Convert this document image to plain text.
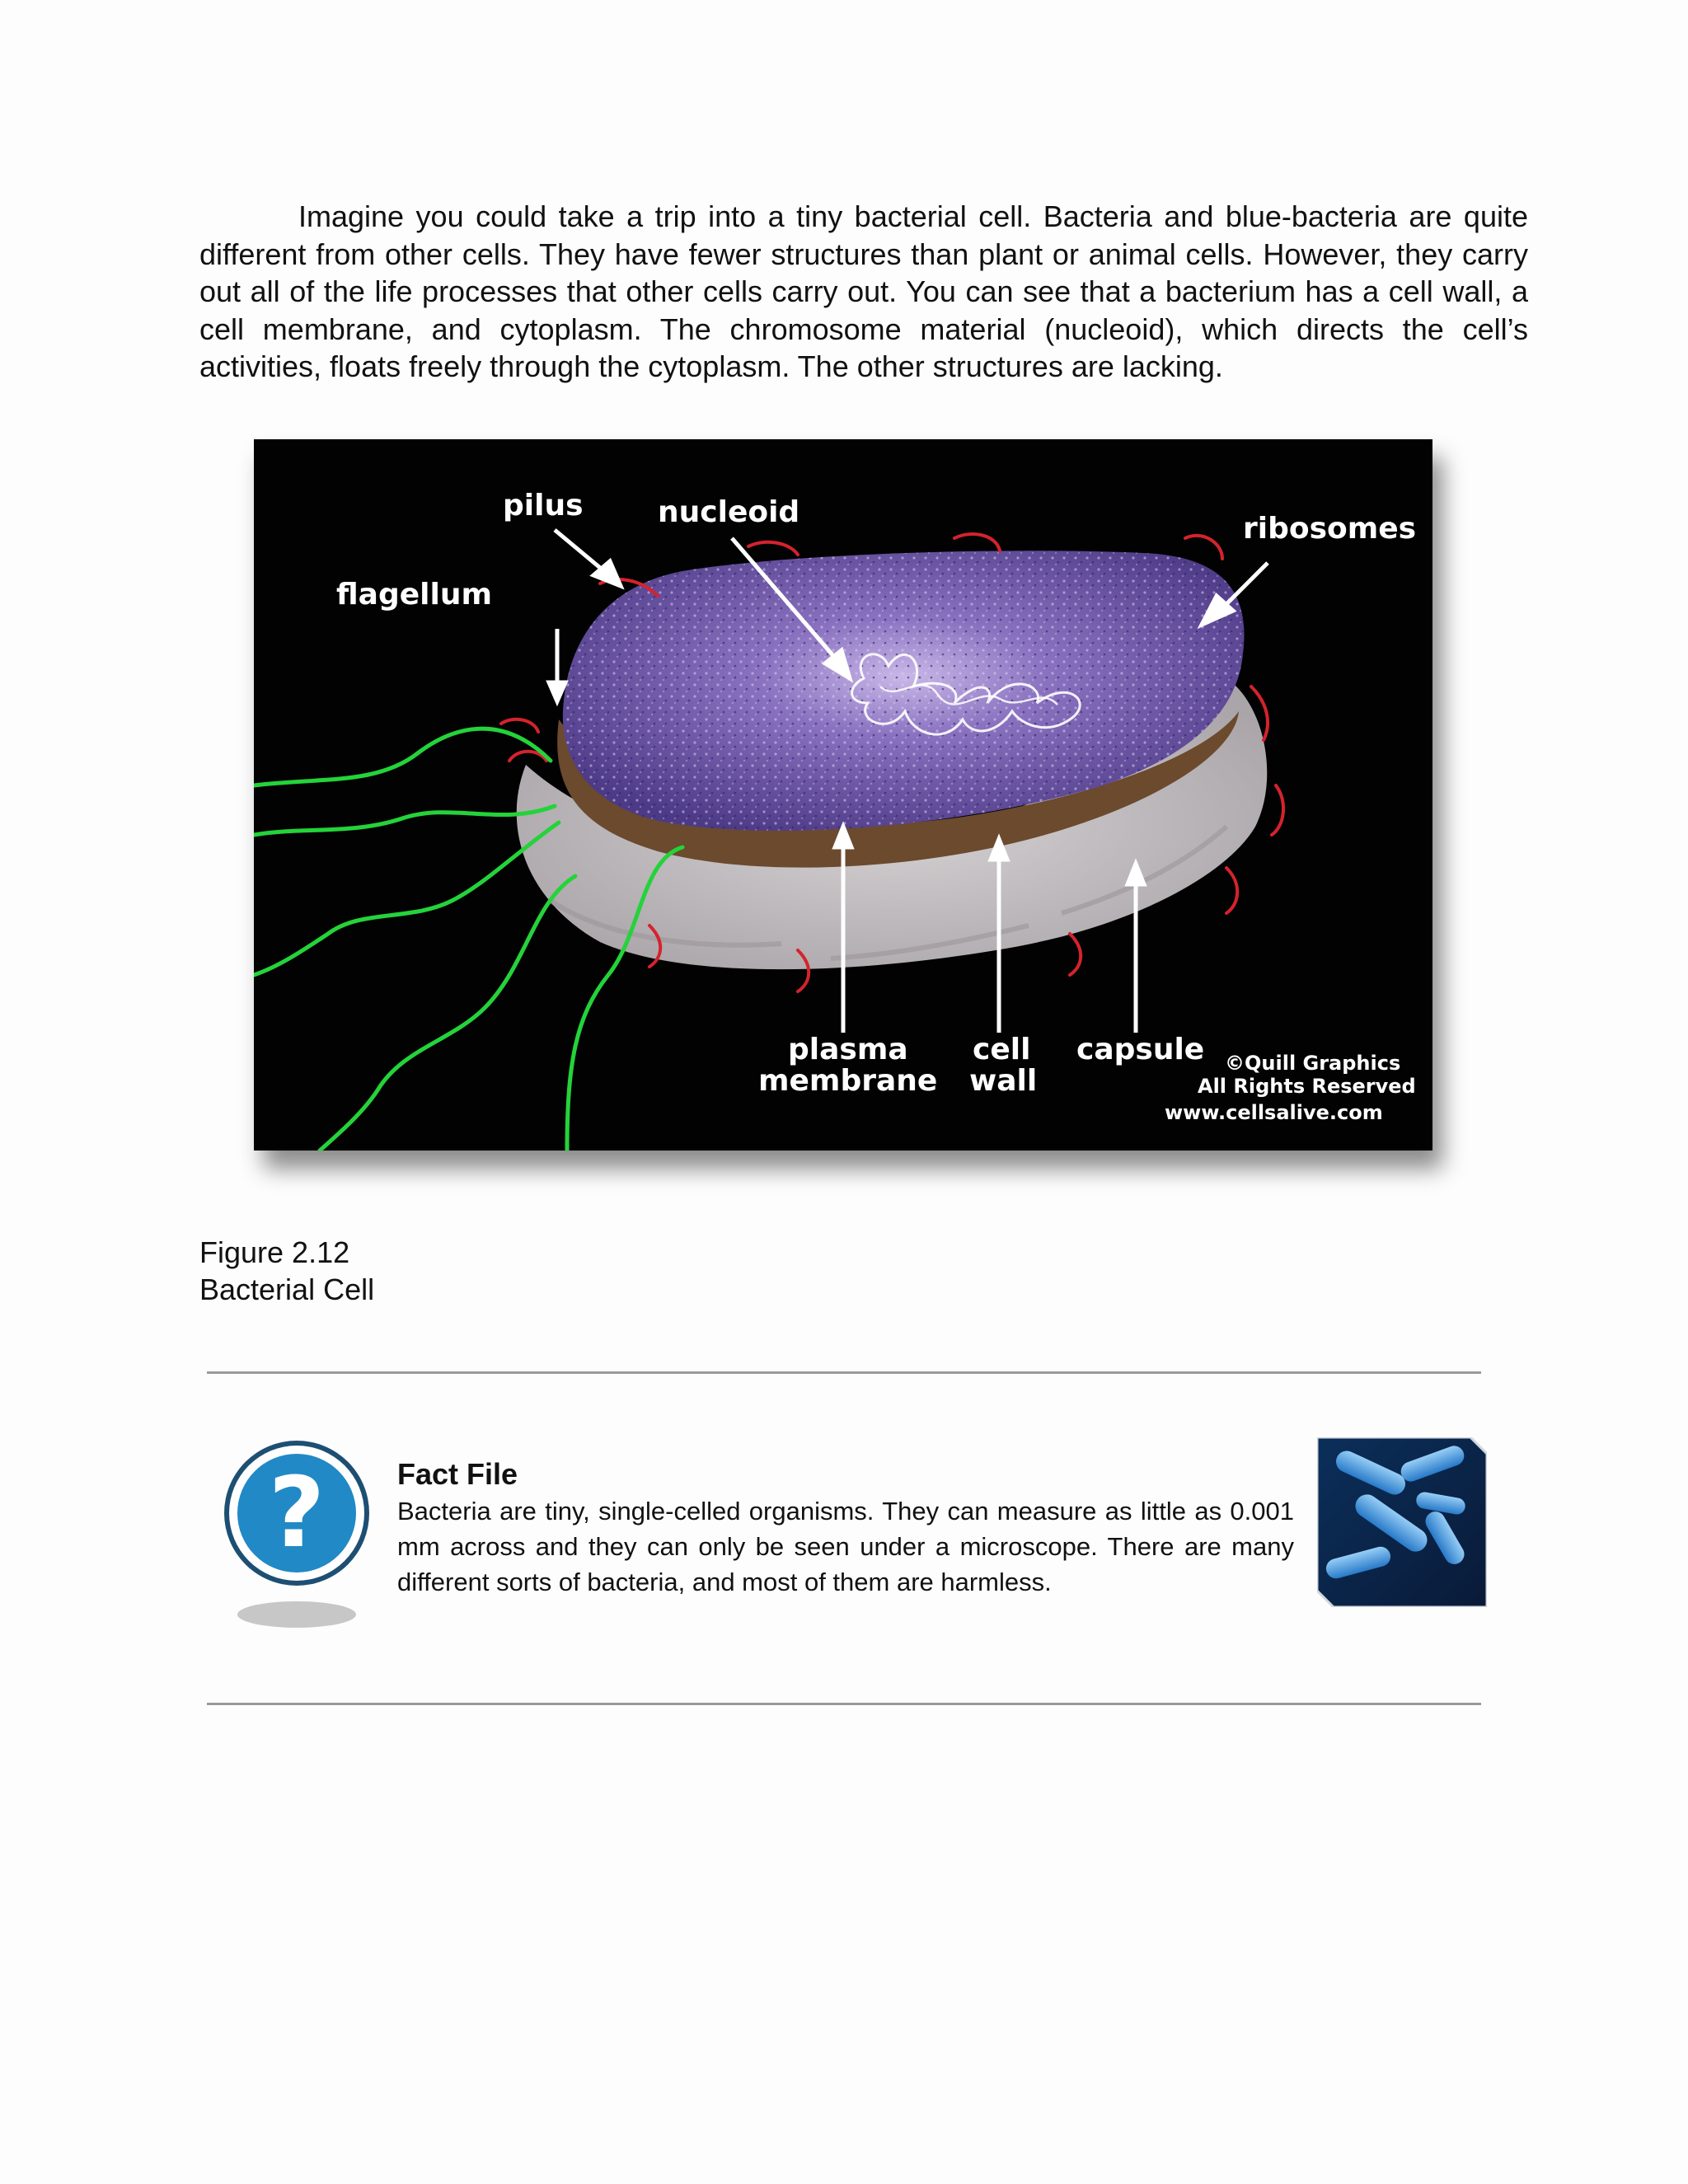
Imagine you could take a trip into a tiny bacterial cell. Bacteria and blue-bacteria are quite different from other cells. They have fewer structures than plant or animal cells. However, they carry out all of the life processes that other cells carry out. You can see that a bacterium has a cell wall, a cell membrane, and cytoplasm. The chromosome material (nucleoid), which directs the cell’s activities, floats freely through the cytoplasm. The other structures are lacking.

pilus	nucleoid	ribosomes
flagellum
plasma
membrane
cell
wall
capsule ©Quill Graphics
All Rights Reserved
www.cellsalive.com
Figure 2.12
Bacterial Cell
? Fact File
Bacteria are tiny, single-celled organisms. They can measure as little as 0.001 mm across and they can only be seen under a microscope. There are many different sorts of bacteria, and most of them are harmless.
